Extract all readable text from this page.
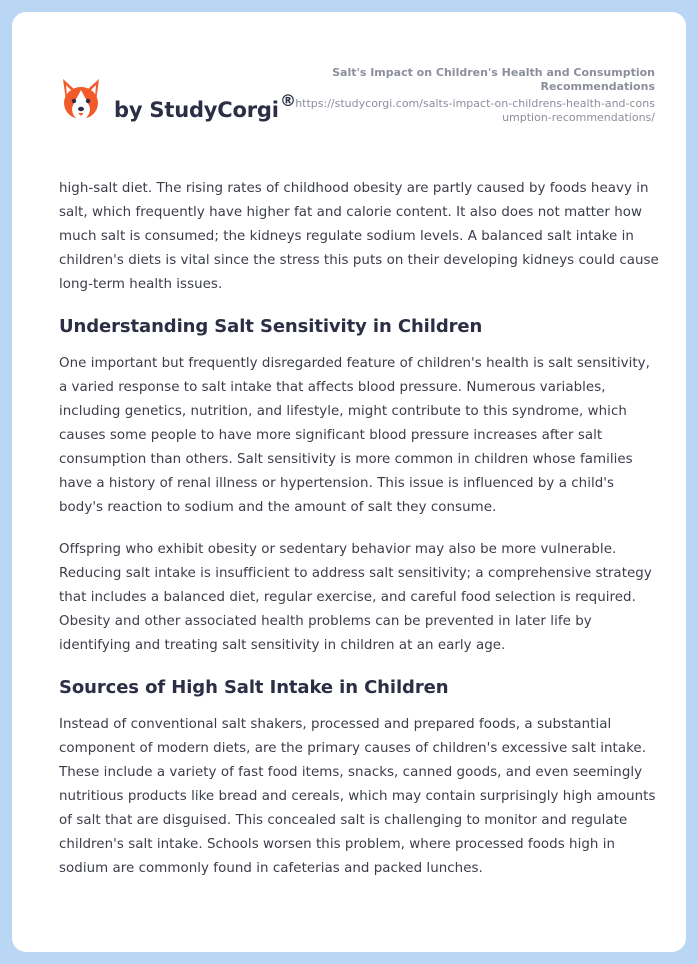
by StudyCorgi ®
Salt's Impact on Children's Health and Consumption Recommendations
https://studycorgi.com/salts-impact-on-childrens-health-and-consumption-recommendations/

high-salt diet. The rising rates of childhood obesity are partly caused by foods heavy in salt, which frequently have higher fat and calorie content. It also does not matter how much salt is consumed; the kidneys regulate sodium levels. A balanced salt intake in children's diets is vital since the stress this puts on their developing kidneys could cause long-term health issues.

Understanding Salt Sensitivity in Children

One important but frequently disregarded feature of children's health is salt sensitivity, a varied response to salt intake that affects blood pressure. Numerous variables, including genetics, nutrition, and lifestyle, might contribute to this syndrome, which causes some people to have more significant blood pressure increases after salt consumption than others. Salt sensitivity is more common in children whose families have a history of renal illness or hypertension. This issue is influenced by a child's body's reaction to sodium and the amount of salt they consume.

Offspring who exhibit obesity or sedentary behavior may also be more vulnerable. Reducing salt intake is insufficient to address salt sensitivity; a comprehensive strategy that includes a balanced diet, regular exercise, and careful food selection is required. Obesity and other associated health problems can be prevented in later life by identifying and treating salt sensitivity in children at an early age.

Sources of High Salt Intake in Children

Instead of conventional salt shakers, processed and prepared foods, a substantial component of modern diets, are the primary causes of children's excessive salt intake. These include a variety of fast food items, snacks, canned goods, and even seemingly nutritious products like bread and cereals, which may contain surprisingly high amounts of salt that are disguised. This concealed salt is challenging to monitor and regulate children's salt intake. Schools worsen this problem, where processed foods high in sodium are commonly found in cafeterias and packed lunches.
